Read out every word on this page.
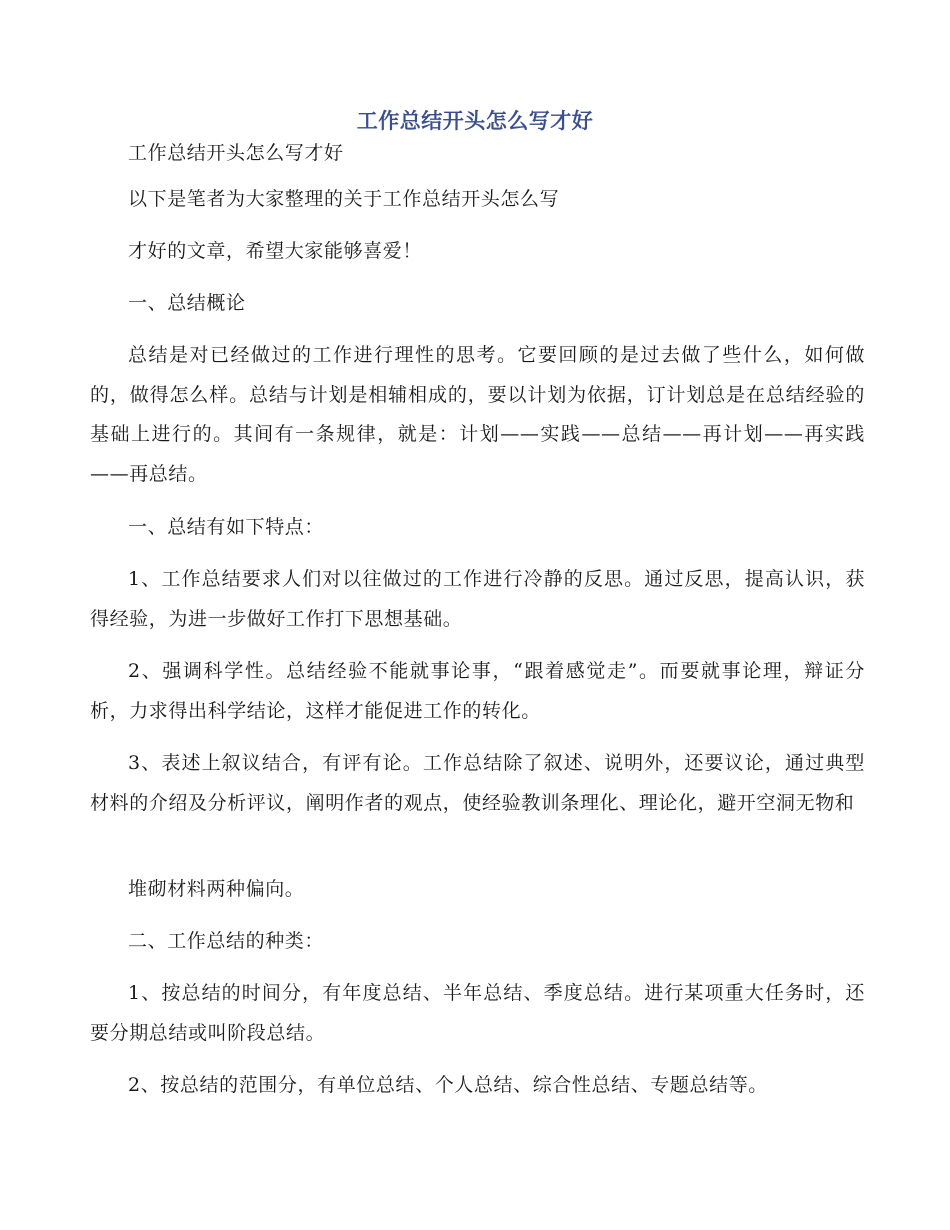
工作总结开头怎么写才好
工作总结开头怎么写才好
以下是笔者为大家整理的关于工作总结开头怎么写
才好的文章，希望大家能够喜爱！
一、总结概论
总结是对已经做过的工作进行理性的思考。它要回顾的是过去做了些什么，如何做的，做得怎么样。总结与计划是相辅相成的，要以计划为依据，订计划总是在总结经验的基础上进行的。其间有一条规律，就是：计划——实践——总结——再计划——再实践——再总结。
一、总结有如下特点：
1、工作总结要求人们对以往做过的工作进行冷静的反思。通过反思，提高认识，获得经验，为进一步做好工作打下思想基础。
2、强调科学性。总结经验不能就事论事，“跟着感觉走”。而要就事论理，辩证分析，力求得出科学结论，这样才能促进工作的转化。
3、表述上叙议结合，有评有论。工作总结除了叙述、说明外，还要议论，通过典型材料的介绍及分析评议，阐明作者的观点，使经验教训条理化、理论化，避开空洞无物和
堆砌材料两种偏向。
二、工作总结的种类：
1、按总结的时间分，有年度总结、半年总结、季度总结。进行某项重大任务时，还要分期总结或叫阶段总结。
2、按总结的范围分，有单位总结、个人总结、综合性总结、专题总结等。
